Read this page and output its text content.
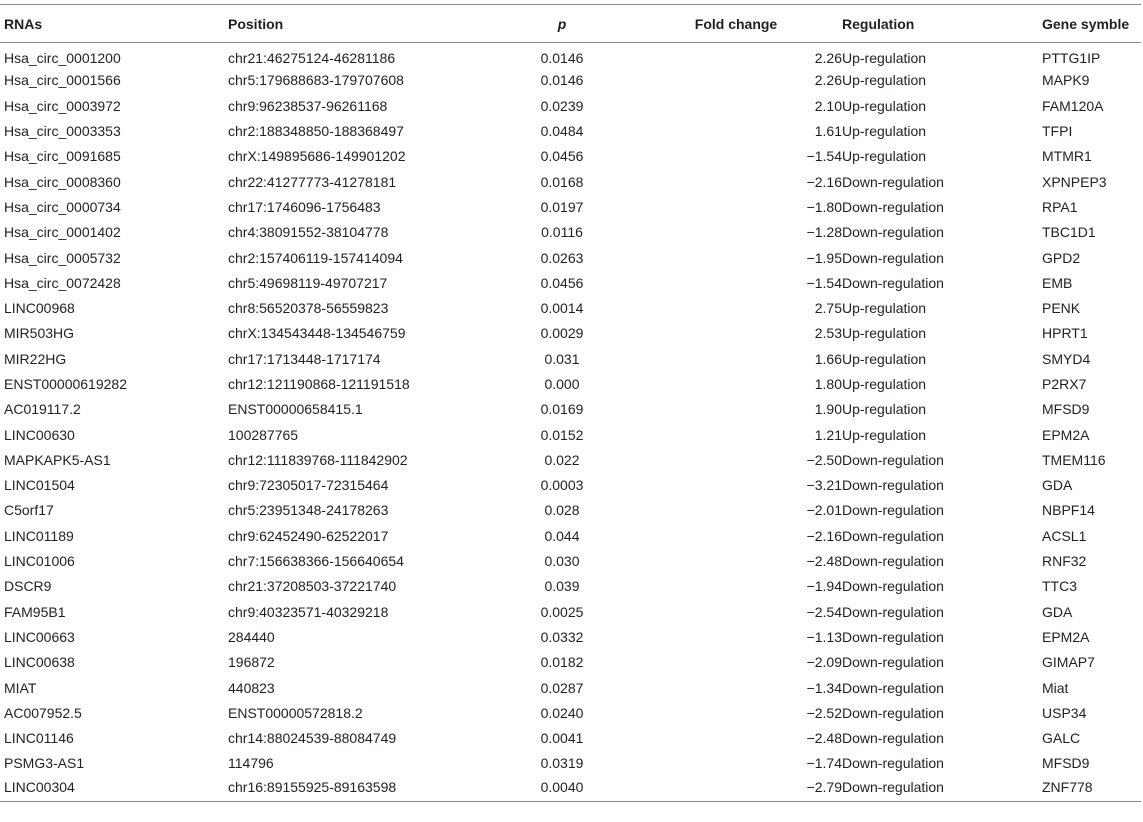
RNAs	Position	p	Fold change	Regulation	Gene symble
Hsa_circ_0001200	chr21:46275124-46281186	0.0146	2.26	Up-regulation	PTTG1IP
Hsa_circ_0001566	chr5:179688683-179707608	0.0146	2.26	Up-regulation	MAPK9
Hsa_circ_0003972	chr9:96238537-96261168	0.0239	2.10	Up-regulation	FAM120A
Hsa_circ_0003353	chr2:188348850-188368497	0.0484	1.61	Up-regulation	TFPI
Hsa_circ_0091685	chrX:149895686-149901202	0.0456	−1.54	Up-regulation	MTMR1
Hsa_circ_0008360	chr22:41277773-41278181	0.0168	−2.16	Down-regulation	XPNPEP3
Hsa_circ_0000734	chr17:1746096-1756483	0.0197	−1.80	Down-regulation	RPA1
Hsa_circ_0001402	chr4:38091552-38104778	0.0116	−1.28	Down-regulation	TBC1D1
Hsa_circ_0005732	chr2:157406119-157414094	0.0263	−1.95	Down-regulation	GPD2
Hsa_circ_0072428	chr5:49698119-49707217	0.0456	−1.54	Down-regulation	EMB
LINC00968	chr8:56520378-56559823	0.0014	2.75	Up-regulation	PENK
MIR503HG	chrX:134543448-134546759	0.0029	2.53	Up-regulation	HPRT1
MIR22HG	chr17:1713448-1717174	0.031	1.66	Up-regulation	SMYD4
ENST00000619282	chr12:121190868-121191518	0.000	1.80	Up-regulation	P2RX7
AC019117.2	ENST00000658415.1	0.0169	1.90	Up-regulation	MFSD9
LINC00630	100287765	0.0152	1.21	Up-regulation	EPM2A
MAPKAPK5-AS1	chr12:111839768-111842902	0.022	−2.50	Down-regulation	TMEM116
LINC01504	chr9:72305017-72315464	0.0003	−3.21	Down-regulation	GDA
C5orf17	chr5:23951348-24178263	0.028	−2.01	Down-regulation	NBPF14
LINC01189	chr9:62452490-62522017	0.044	−2.16	Down-regulation	ACSL1
LINC01006	chr7:156638366-156640654	0.030	−2.48	Down-regulation	RNF32
DSCR9	chr21:37208503-37221740	0.039	−1.94	Down-regulation	TTC3
FAM95B1	chr9:40323571-40329218	0.0025	−2.54	Down-regulation	GDA
LINC00663	284440	0.0332	−1.13	Down-regulation	EPM2A
LINC00638	196872	0.0182	−2.09	Down-regulation	GIMAP7
MIAT	440823	0.0287	−1.34	Down-regulation	Miat
AC007952.5	ENST00000572818.2	0.0240	−2.52	Down-regulation	USP34
LINC01146	chr14:88024539-88084749	0.0041	−2.48	Down-regulation	GALC
PSMG3-AS1	114796	0.0319	−1.74	Down-regulation	MFSD9
LINC00304	chr16:89155925-89163598	0.0040	−2.79	Down-regulation	ZNF778
